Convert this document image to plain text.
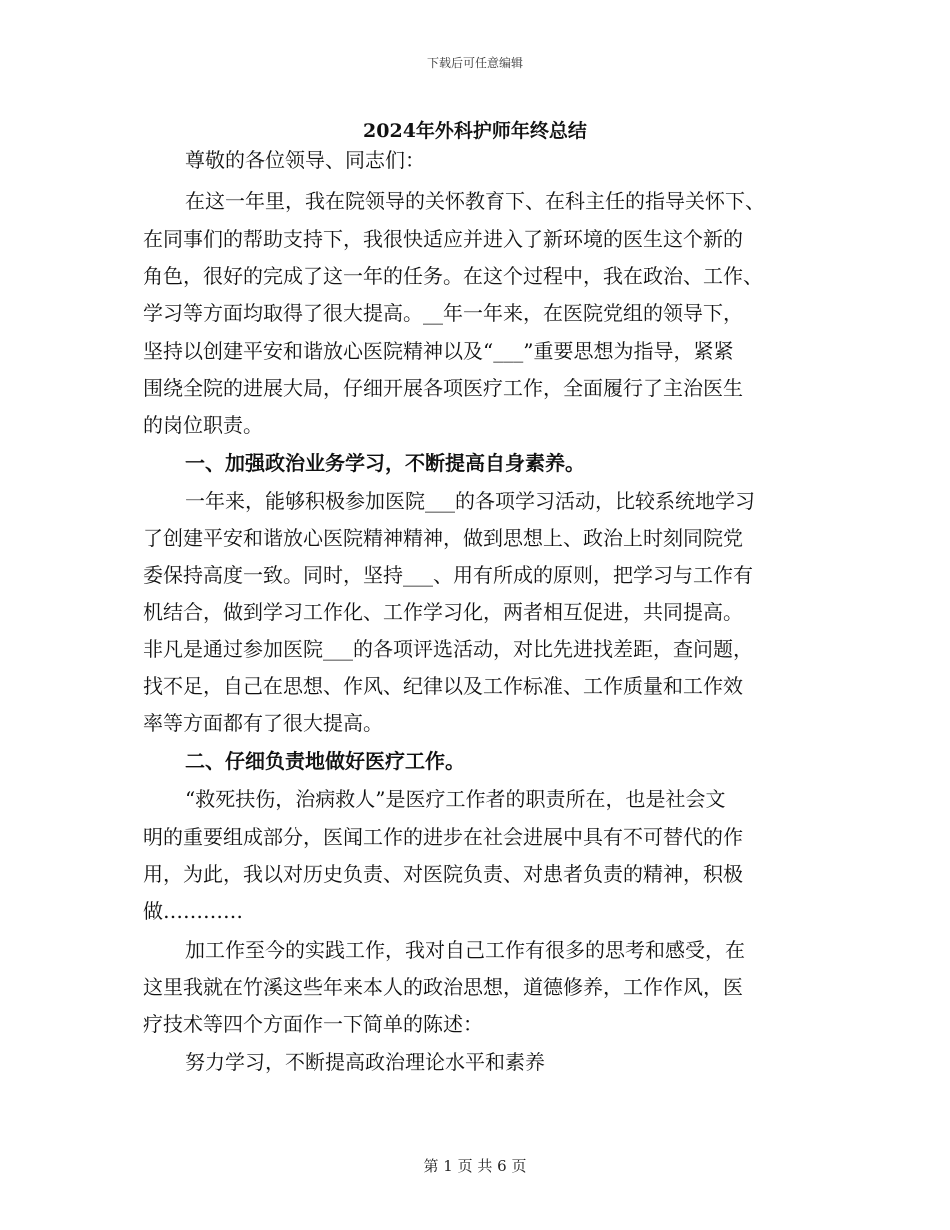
下载后可任意编辑
2024年外科护师年终总结
尊敬的各位领导、同志们：
在这一年里，我在院领导的关怀教育下、在科主任的指导关怀下、
在同事们的帮助支持下，我很快适应并进入了新环境的医生这个新的
角色，很好的完成了这一年的任务。在这个过程中，我在政治、工作、
学习等方面均取得了很大提高。__年一年来，在医院党组的领导下，
坚持以创建平安和谐放心医院精神以及“___”重要思想为指导，紧紧
围绕全院的进展大局，仔细开展各项医疗工作，全面履行了主治医生
的岗位职责。
一、加强政治业务学习，不断提高自身素养。
一年来，能够积极参加医院___的各项学习活动，比较系统地学习
了创建平安和谐放心医院精神精神，做到思想上、政治上时刻同院党
委保持高度一致。同时，坚持___、用有所成的原则，把学习与工作有
机结合，做到学习工作化、工作学习化，两者相互促进，共同提高。
非凡是通过参加医院___的各项评选活动，对比先进找差距，查问题，
找不足，自己在思想、作风、纪律以及工作标准、工作质量和工作效
率等方面都有了很大提高。
二、仔细负责地做好医疗工作。
“救死扶伤，治病救人”是医疗工作者的职责所在，也是社会文
明的重要组成部分，医闻工作的进步在社会进展中具有不可替代的作
用，为此，我以对历史负责、对医院负责、对患者负责的精神，积极
做…………
加工作至今的实践工作，我对自己工作有很多的思考和感受，在
这里我就在竹溪这些年来本人的政治思想，道德修养，工作作风，医
疗技术等四个方面作一下简单的陈述：
努力学习，不断提高政治理论水平和素养
第 1 页 共 6 页
